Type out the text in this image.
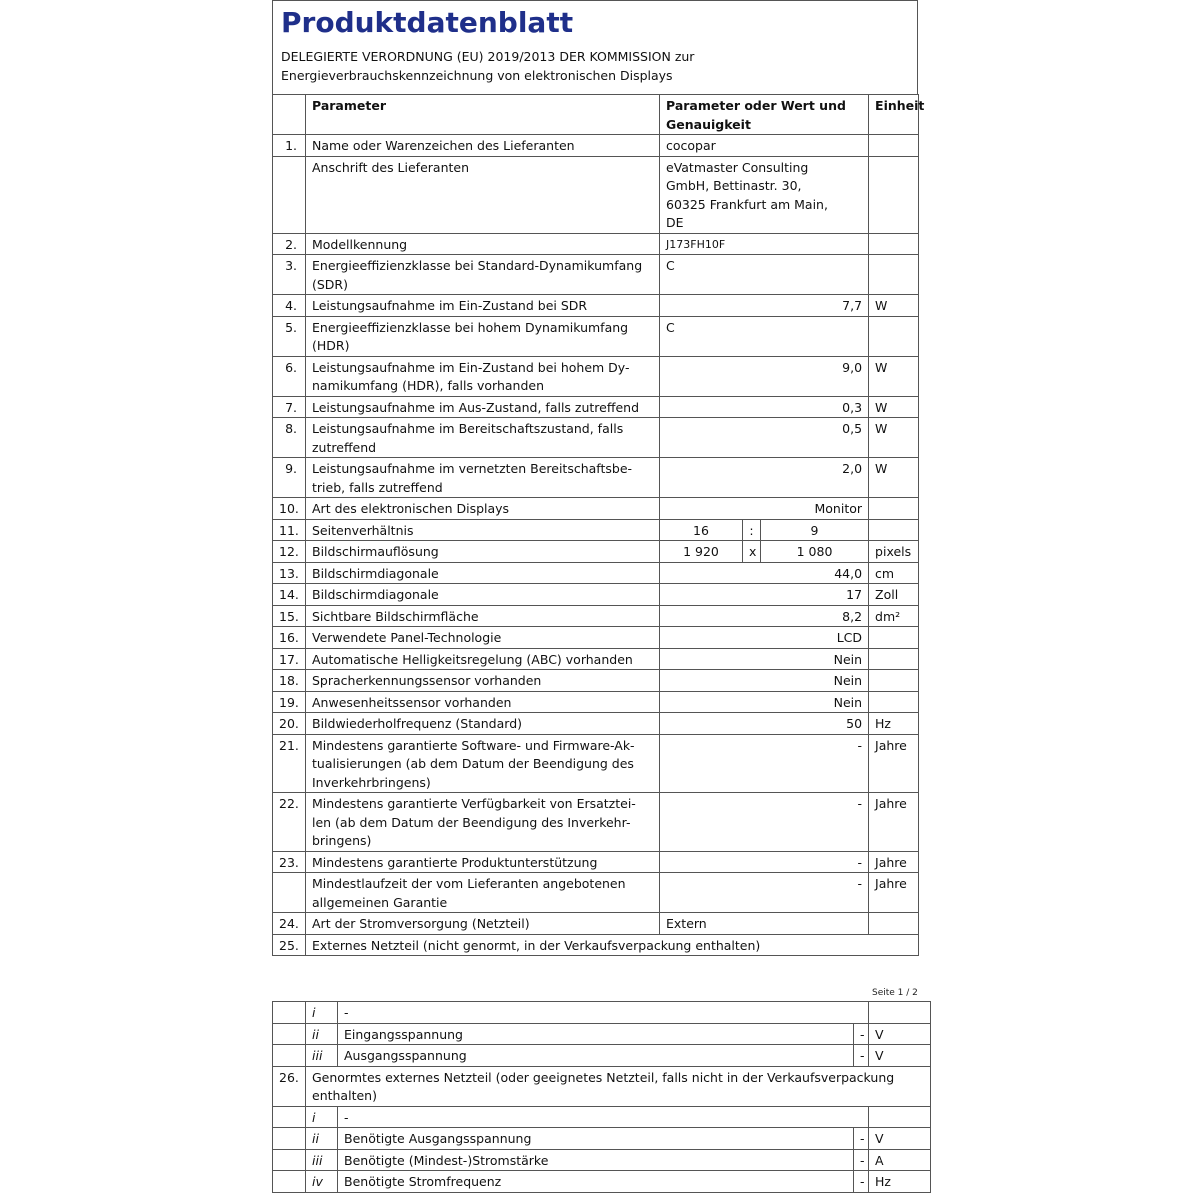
Produktdatenblatt
DELEGIERTE VERORDNUNG (EU) 2019/2013 DER KOMMISSION zur
Energieverbrauchskennzeichnung von elektronischen Displays
	Parameter	Parameter oder Wert und
Genauigkeit			Einheit
1.	Name oder Warenzeichen des Lieferanten	cocopar			
	Anschrift des Lieferanten	eVatmaster Consulting
GmbH, Bettinastr. 30,
60325 Frankfurt am Main,
DE			

2.	Modellkennung	J173FH10F			
3.	Energieeffizienzklasse bei Standard-Dynamikumfang
(SDR)	C			
4.	Leistungsaufnahme im Ein-Zustand bei SDR	7,7			W
5.	Energieeffizienzklasse bei hohem Dynamikumfang
(HDR)	C			
6.	Leistungsaufnahme im Ein-Zustand bei hohem Dy-
namikumfang (HDR), falls vorhanden	9,0			W
7.	Leistungsaufnahme im Aus-Zustand, falls zutreffend	0,3			W
8.	Leistungsaufnahme im Bereitschaftszustand, falls
zutreffend	0,5			W
9.	Leistungsaufnahme im vernetzten Bereitschaftsbe-
trieb, falls zutreffend	2,0			W
10.	Art des elektronischen Displays	Monitor			
11.	Seitenverhältnis	16	:	9	
12.	Bildschirmauflösung	1 920	x	1 080	pixels
13.	Bildschirmdiagonale	44,0			cm
14.	Bildschirmdiagonale	17			Zoll
15.	Sichtbare Bildschirmfläche	8,2			dm²
16.	Verwendete Panel-Technologie	LCD			
17.	Automatische Helligkeitsregelung (ABC) vorhanden	Nein			
18.	Spracherkennungssensor vorhanden	Nein			
19.	Anwesenheitssensor vorhanden	Nein			
20.	Bildwiederholfrequenz (Standard)	50			Hz
21.	Mindestens garantierte Software- und Firmware-Ak-
tualisierungen (ab dem Datum der Beendigung des
Inverkehrbringens)	-			Jahre
22.	Mindestens garantierte Verfügbarkeit von Ersatztei-
len (ab dem Datum der Beendigung des Inverkehr-
bringens)	-			Jahre
23.	Mindestens garantierte Produktunterstützung	-			Jahre

	Mindestlaufzeit der vom Lieferanten angebotenen
allgemeinen Garantie	-			Jahre
24.	Art der Stromversorgung (Netzteil)	Extern			
25.	Externes Netzteil (nicht genormt, in der Verkaufsverpackung enthalten)				
Seite 1 / 2
	i	-		
	ii	Eingangsspannung	-	V
	iii	Ausgangsspannung	-	V
26.	Genormtes externes Netzteil (oder geeignetes Netzteil, falls nicht in der Verkaufsverpackung
enthalten)			

	i	-		
	ii	Benötigte Ausgangsspannung	-	V
	iii	Benötigte (Mindest-)Stromstärke	-	A
	iv	Benötigte Stromfrequenz	-	Hz
